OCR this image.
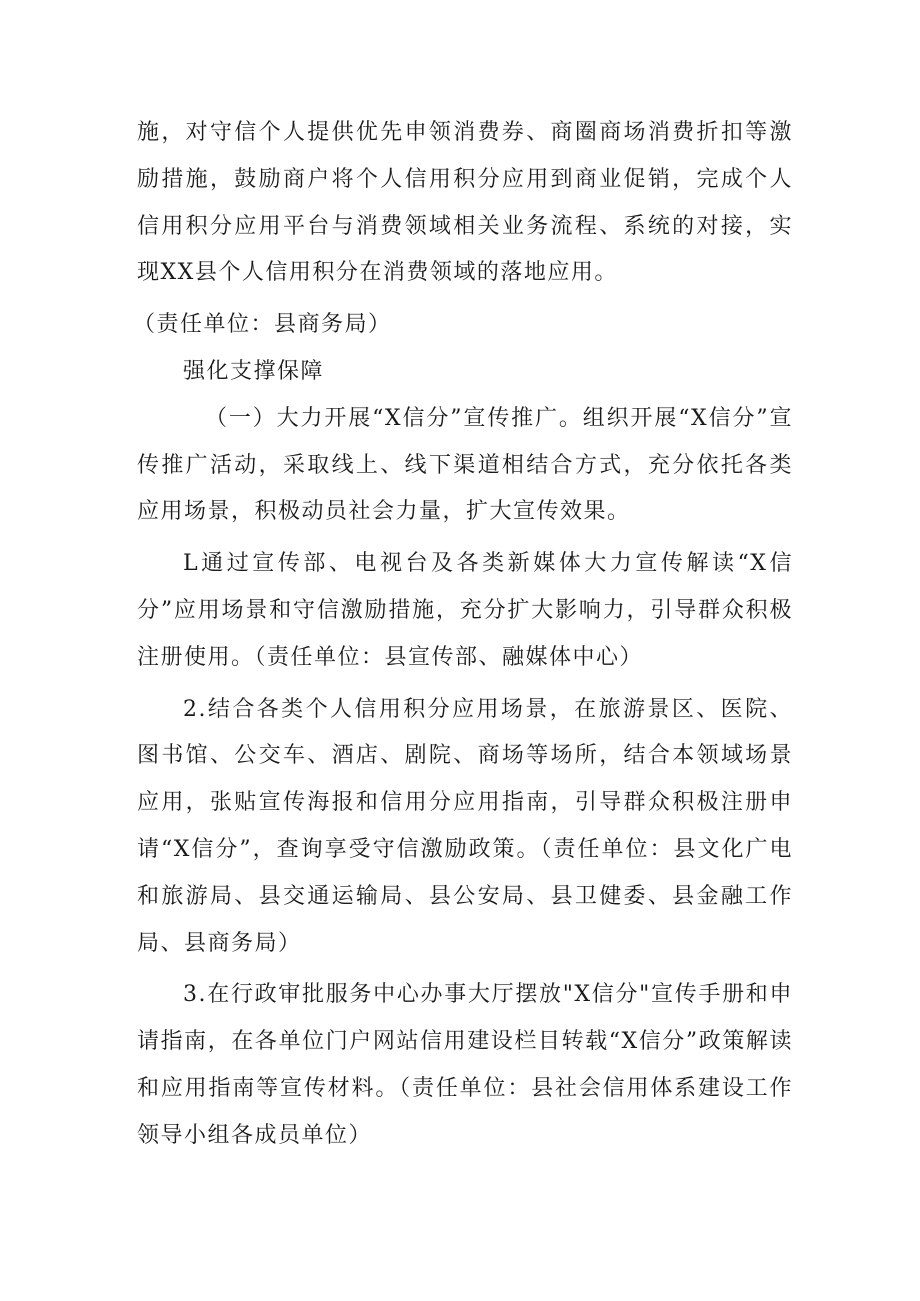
施，对守信个人提供优先申领消费券、商圈商场消费折扣等激励措施，鼓励商户将个人信用积分应用到商业促销，完成个人信用积分应用平台与消费领域相关业务流程、系统的对接，实现XX县个人信用积分在消费领域的落地应用。

（责任单位：县商务局）

强化支撑保障

（一）大力开展“X信分”宣传推广。组织开展“X信分”宣传推广活动，采取线上、线下渠道相结合方式，充分依托各类应用场景，积极动员社会力量，扩大宣传效果。

L通过宣传部、电视台及各类新媒体大力宣传解读“X信分”应用场景和守信激励措施，充分扩大影响力，引导群众积极注册使用。（责任单位：县宣传部、融媒体中心）

2.结合各类个人信用积分应用场景，在旅游景区、医院、图书馆、公交车、酒店、剧院、商场等场所，结合本领域场景应用，张贴宣传海报和信用分应用指南，引导群众积极注册申请“X信分”，查询享受守信激励政策。（责任单位：县文化广电和旅游局、县交通运输局、县公安局、县卫健委、县金融工作局、县商务局）

3.在行政审批服务中心办事大厅摆放"X信分"宣传手册和申请指南，在各单位门户网站信用建设栏目转载“X信分”政策解读和应用指南等宣传材料。（责任单位：县社会信用体系建设工作领导小组各成员单位）
